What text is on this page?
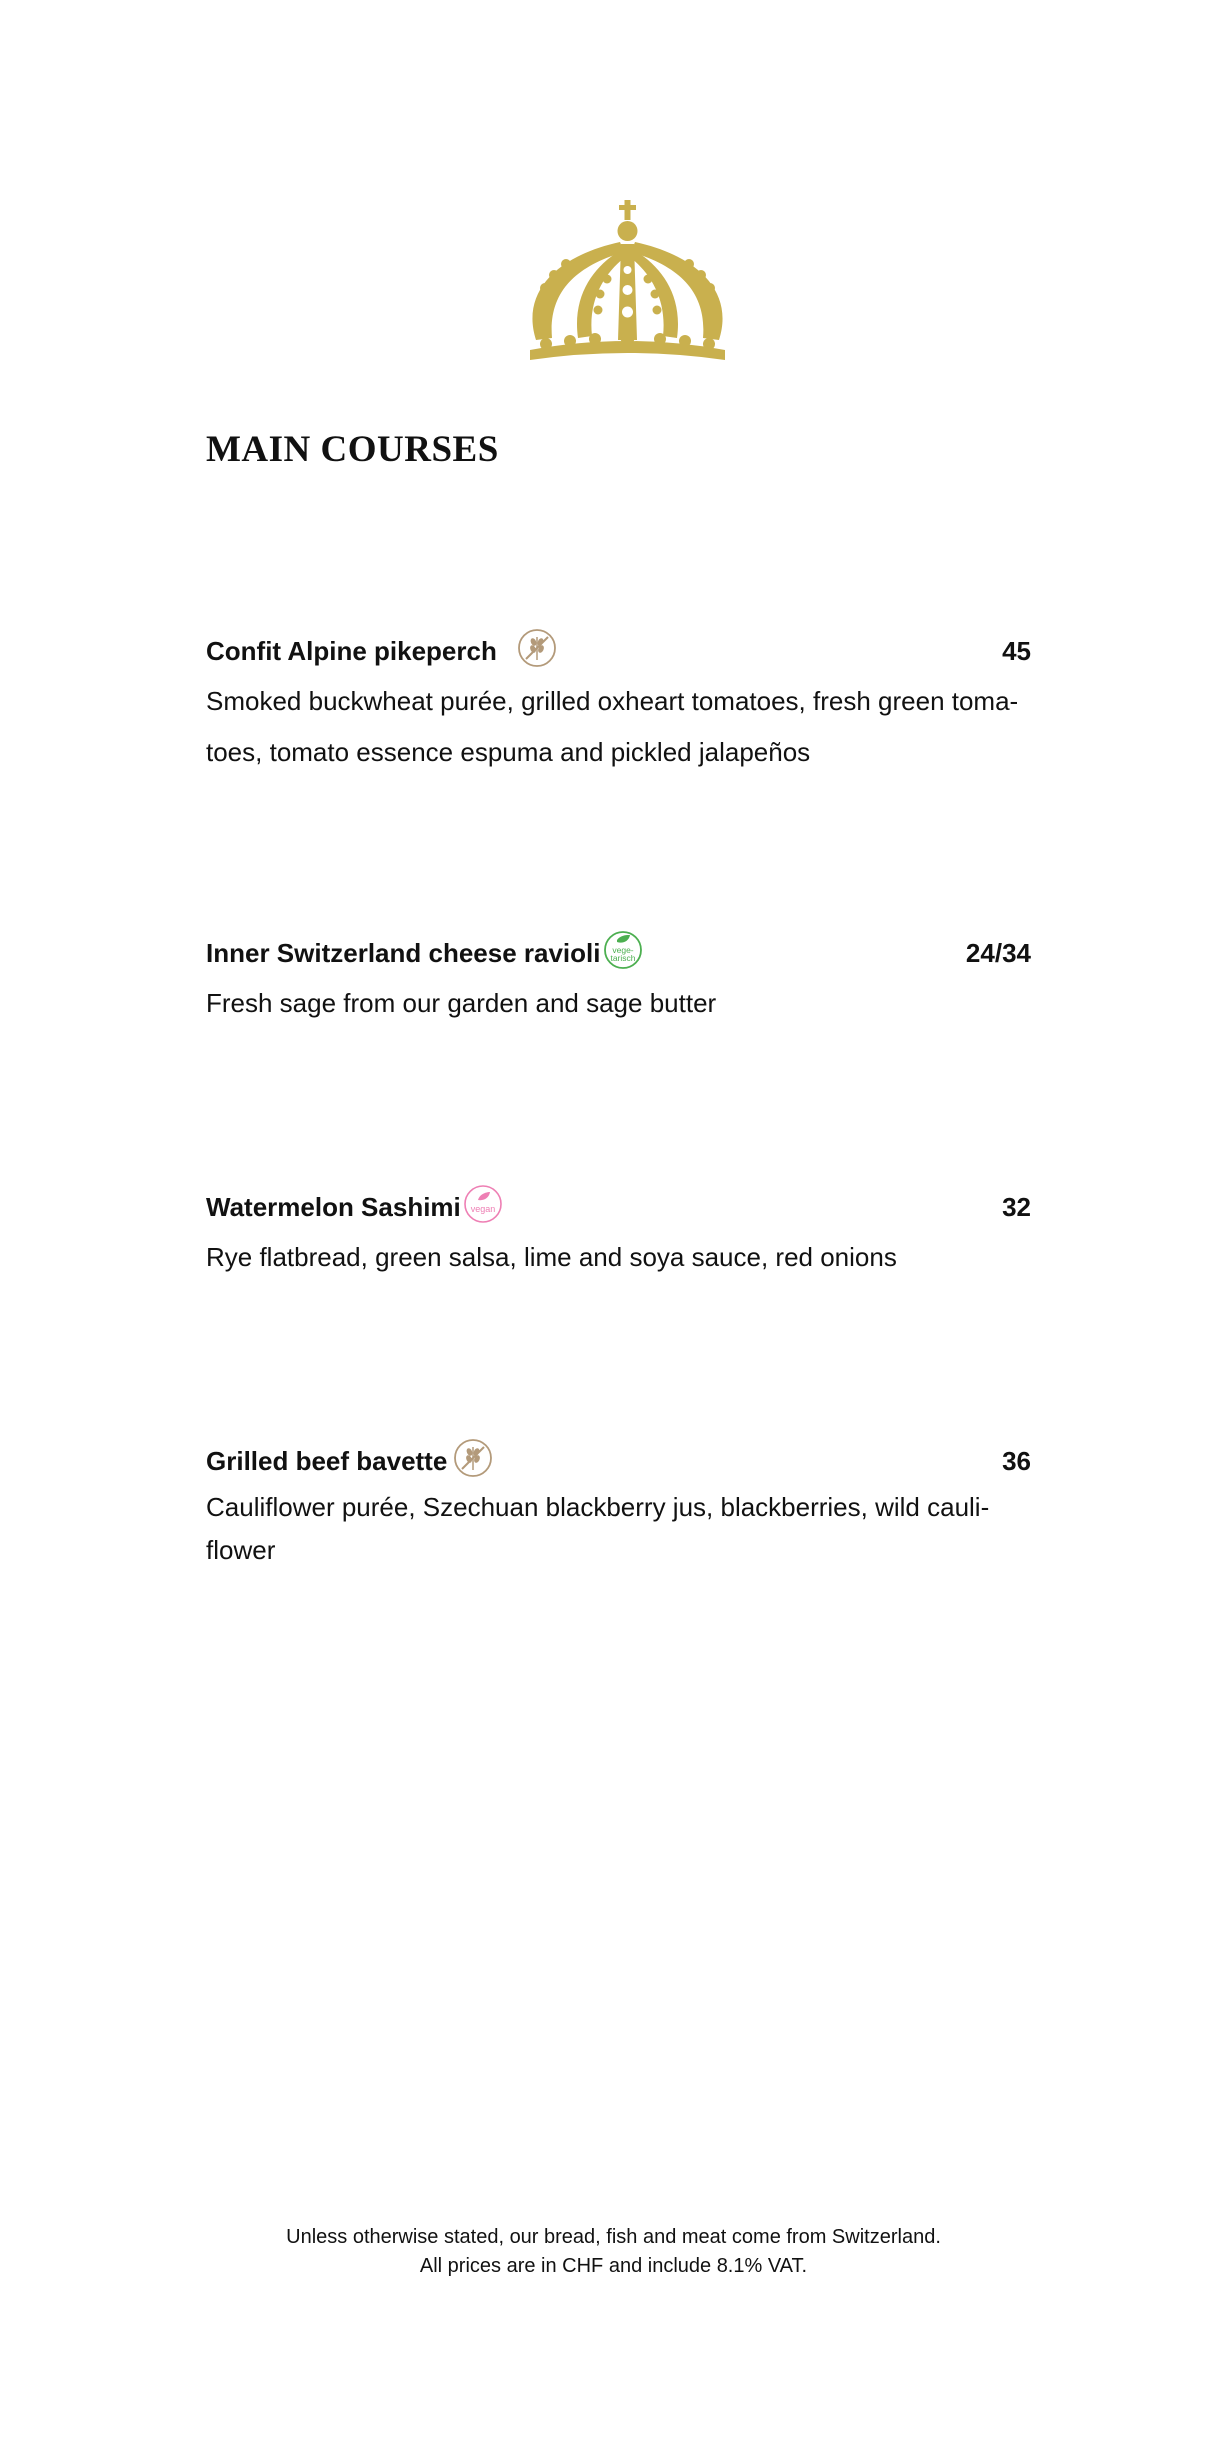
MAIN COURSES
Confit Alpine pikeperch	45

Smoked buckwheat purée, grilled oxheart tomatoes, fresh green toma-
toes, tomato essence espuma and pickled jalapeños

Inner Switzerland cheese ravioli vege-
tarisch	24/34

Fresh sage from our garden and sage butter

Watermelon Sashimi vegan	32

Rye flatbread, green salsa, lime and soya sauce, red onions

Grilled beef bavette	36

Cauliflower purée, Szechuan blackberry jus, blackberries, wild cauli-
flower

Unless otherwise stated, our bread, fish and meat come from Switzerland.
All prices are in CHF and include 8.1% VAT.
